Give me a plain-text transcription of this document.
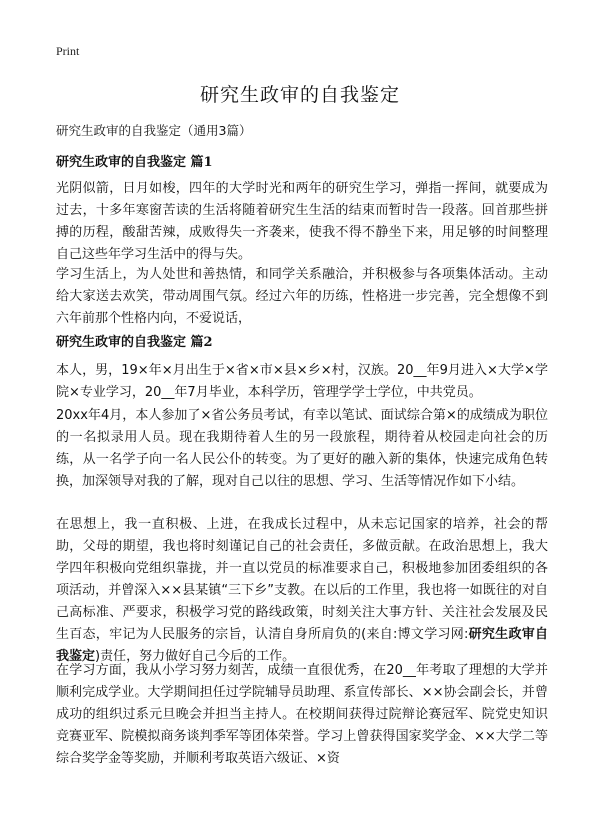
Print
研究生政审的自我鉴定
研究生政审的自我鉴定（通用3篇）
研究生政审的自我鉴定 篇1
光阴似箭，日月如梭，四年的大学时光和两年的研究生学习，弹指一挥间，就要成为过去，十多年寒窗苦读的生活将随着研究生生活的结束而暂时告一段落。回首那些拼搏的历程，酸甜苦辣，成败得失一齐袭来，使我不得不静坐下来，用足够的时间整理自己这些年学习生活中的得与失。
学习生活上，为人处世和善热情，和同学关系融洽，并积极参与各项集体活动。主动给大家送去欢笑，带动周围气氛。经过六年的历练，性格进一步完善，完全想像不到六年前那个性格内向，不爱说话，
研究生政审的自我鉴定 篇2
本人，男，19×年×月出生于×省×市×县×乡×村，汉族。20__年9月进入×大学×学院×专业学习，20__年7月毕业，本科学历，管理学学士学位，中共党员。
20xx年4月，本人参加了×省公务员考试，有幸以笔试、面试综合第×的成绩成为职位的一名拟录用人员。现在我期待着人生的另一段旅程，期待着从校园走向社会的历练，从一名学子向一名人民公仆的转变。为了更好的融入新的集体，快速完成角色转换，加深领导对我的了解，现对自己以往的思想、学习、生活等情况作如下小结。
在思想上，我一直积极、上进，在我成长过程中，从未忘记国家的培养，社会的帮助，父母的期望，我也将时刻谨记自己的社会责任，多做贡献。在政治思想上，我大学四年积极向党组织靠拢，并一直以党员的标准要求自己，积极地参加团委组织的各项活动，并曾深入××县某镇“三下乡”支教。在以后的工作里，我也将一如既往的对自己高标准、严要求，积极学习党的路线政策，时刻关注大事方针、关注社会发展及民生百态，牢记为人民服务的宗旨，认清自身所肩负的(来自:博文学习网:研究生政审自我鉴定)责任，努力做好自己今后的工作。
在学习方面，我从小学习努力刻苦，成绩一直很优秀，在20__年考取了理想的大学并顺利完成学业。大学期间担任过学院辅导员助理、系宣传部长、××协会副会长，并曾成功的组织过系元旦晚会并担当主持人。在校期间获得过院辩论赛冠军、院党史知识竞赛亚军、院模拟商务谈判季军等团体荣誉。学习上曾获得国家奖学金、××大学二等综合奖学金等奖励，并顺利考取英语六级证、×资
